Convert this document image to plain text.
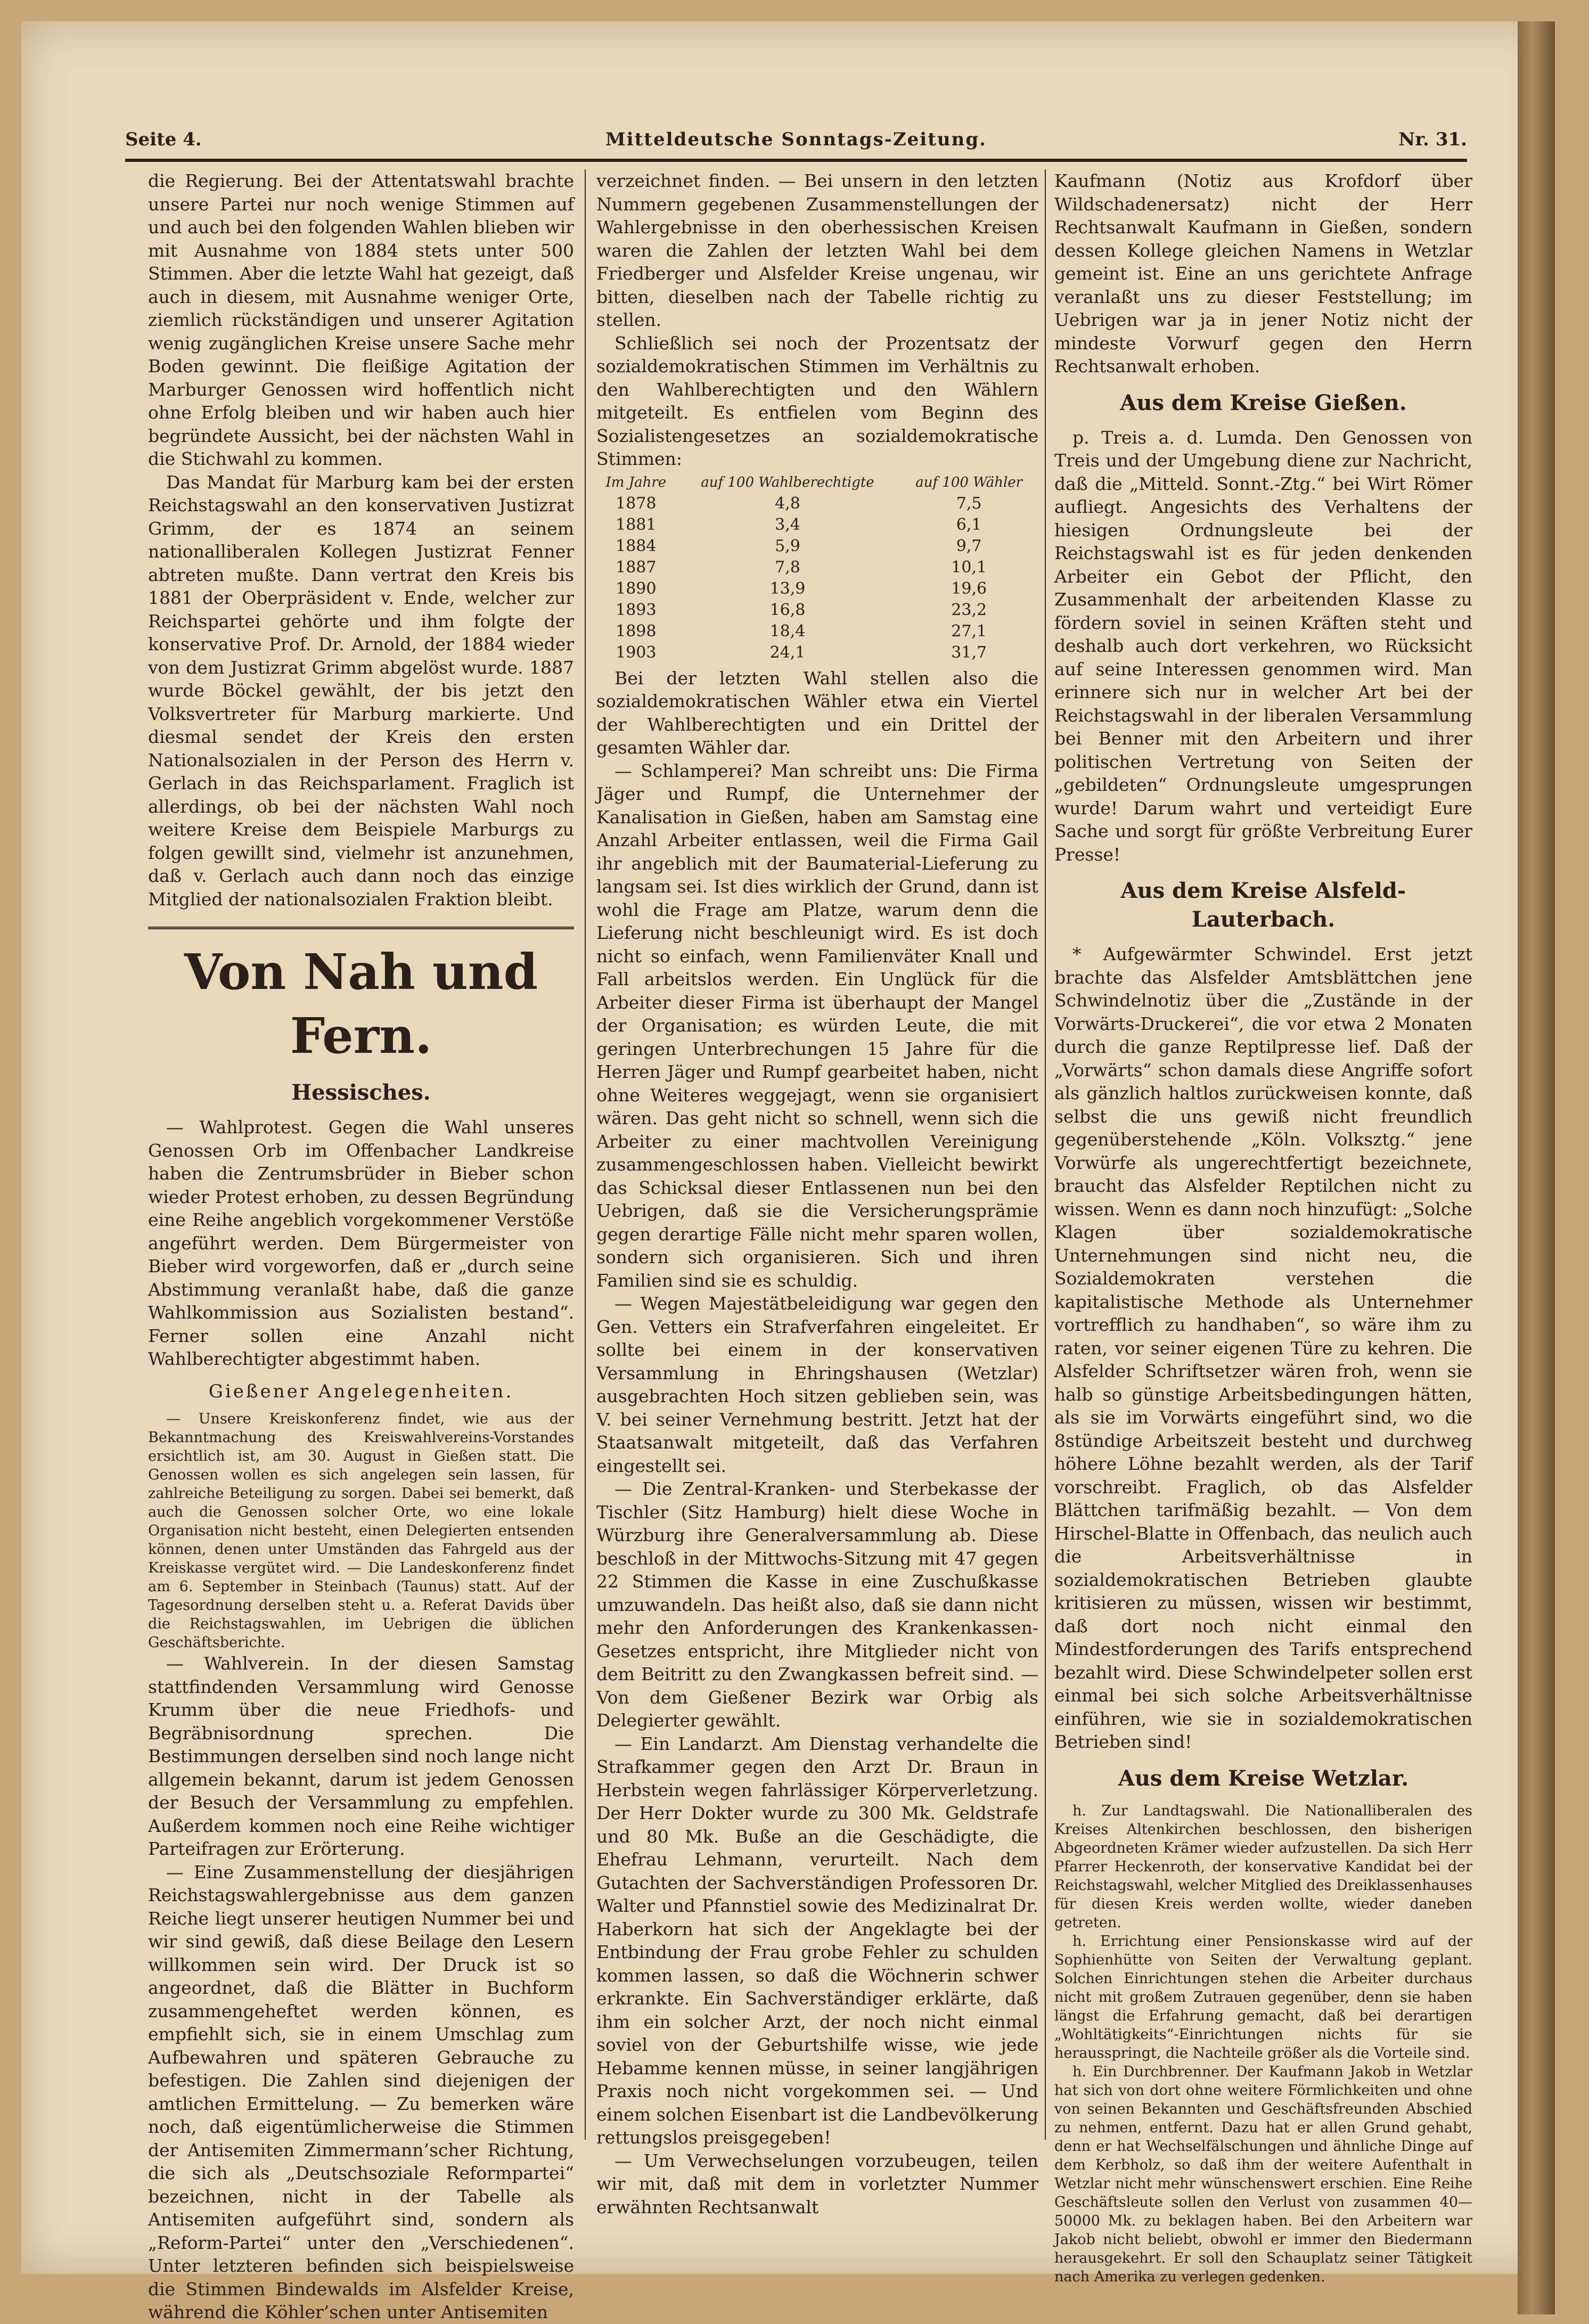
Seite 4.	Mitteldeutsche Sonntags-Zeitung.	Nr. 31.

die Regierung. Bei der Attentatswahl brachte unsere Partei nur noch wenige Stimmen auf und auch bei den folgenden Wahlen blieben wir mit Ausnahme von 1884 stets unter 500 Stimmen. Aber die letzte Wahl hat gezeigt, daß auch in diesem, mit Ausnahme weniger Orte, ziemlich rückständigen und unserer Agitation wenig zugänglichen Kreise unsere Sache mehr Boden gewinnt. Die fleißige Agitation der Marburger Genossen wird hoffentlich nicht ohne Erfolg bleiben und wir haben auch hier begründete Aussicht, bei der nächsten Wahl in die Stichwahl zu kommen.

Das Mandat für Marburg kam bei der ersten Reichstagswahl an den konservativen Justizrat Grimm, der es 1874 an seinem nationalliberalen Kollegen Justizrat Fenner abtreten mußte. Dann vertrat den Kreis bis 1881 der Oberpräsident v. Ende, welcher zur Reichspartei gehörte und ihm folgte der konservative Prof. Dr. Arnold, der 1884 wieder von dem Justizrat Grimm abgelöst wurde. 1887 wurde Böckel gewählt, der bis jetzt den Volksvertreter für Marburg markierte. Und diesmal sendet der Kreis den ersten Nationalsozialen in der Person des Herrn v. Gerlach in das Reichsparlament. Fraglich ist allerdings, ob bei der nächsten Wahl noch weitere Kreise dem Beispiele Marburgs zu folgen gewillt sind, vielmehr ist anzunehmen, daß v. Gerlach auch dann noch das einzige Mitglied der nationalsozialen Fraktion bleibt.

Von Nah und Fern.
Hessisches.

— Wahlprotest. Gegen die Wahl unseres Genossen Orb im Offenbacher Landkreise haben die Zentrumsbrüder in Bieber schon wieder Protest erhoben, zu dessen Begründung eine Reihe angeblich vorgekommener Verstöße angeführt werden. Dem Bürgermeister von Bieber wird vorgeworfen, daß er „durch seine Abstimmung veranlaßt habe, daß die ganze Wahlkommission aus Sozialisten bestand“. Ferner sollen eine Anzahl nicht Wahlberechtigter abgestimmt haben.

Gießener Angelegenheiten.

— Unsere Kreiskonferenz findet, wie aus der Bekanntmachung des Kreiswahlvereins-Vorstandes ersichtlich ist, am 30. August in Gießen statt. Die Genossen wollen es sich angelegen sein lassen, für zahlreiche Beteiligung zu sorgen. Dabei sei bemerkt, daß auch die Genossen solcher Orte, wo eine lokale Organisation nicht besteht, einen Delegierten entsenden können, denen unter Umständen das Fahrgeld aus der Kreiskasse vergütet wird. — Die Landeskonferenz findet am 6. September in Steinbach (Taunus) statt. Auf der Tagesordnung derselben steht u. a. Referat Davids über die Reichstagswahlen, im Uebrigen die üblichen Geschäftsberichte.

— Wahlverein. In der diesen Samstag stattfindenden Versammlung wird Genosse Krumm über die neue Friedhofs- und Begräbnisordnung sprechen. Die Bestimmungen derselben sind noch lange nicht allgemein bekannt, darum ist jedem Genossen der Besuch der Versammlung zu empfehlen. Außerdem kommen noch eine Reihe wichtiger Parteifragen zur Erörterung.

— Eine Zusammenstellung der diesjährigen Reichstagswahlergebnisse aus dem ganzen Reiche liegt unserer heutigen Nummer bei und wir sind gewiß, daß diese Beilage den Lesern willkommen sein wird. Der Druck ist so angeordnet, daß die Blätter in Buchform zusammengeheftet werden können, es empfiehlt sich, sie in einem Umschlag zum Aufbewahren und späteren Gebrauche zu befestigen. Die Zahlen sind diejenigen der amtlichen Ermittelung. — Zu bemerken wäre noch, daß eigentümlicherweise die Stimmen der Antisemiten Zimmermann’scher Richtung, die sich als „Deutschsoziale Reformpartei“ bezeichnen, nicht in der Tabelle als Antisemiten aufgeführt sind, sondern als „Reform-Partei“ unter den „Verschiedenen“. Unter letzteren befinden sich beispielsweise die Stimmen Bindewalds im Alsfelder Kreise, während die Köhler’schen unter Antisemiten

verzeichnet finden. — Bei unsern in den letzten Nummern gegebenen Zusammenstellungen der Wahlergebnisse in den oberhessischen Kreisen waren die Zahlen der letzten Wahl bei dem Friedberger und Alsfelder Kreise ungenau, wir bitten, dieselben nach der Tabelle richtig zu stellen.

Schließlich sei noch der Prozentsatz der sozialdemokratischen Stimmen im Verhältnis zu den Wahlberechtigten und den Wählern mitgeteilt. Es entfielen vom Beginn des Sozialistengesetzes an sozialdemokratische Stimmen:

Im Jahre	auf 100 Wahlberechtigte	auf 100 Wähler
1878	4,8	7,5
1881	3,4	6,1
1884	5,9	9,7
1887	7,8	10,1
1890	13,9	19,6
1893	16,8	23,2
1898	18,4	27,1
1903	24,1	31,7

Bei der letzten Wahl stellen also die sozialdemokratischen Wähler etwa ein Viertel der Wahlberechtigten und ein Drittel der gesamten Wähler dar.

— Schlamperei? Man schreibt uns: Die Firma Jäger und Rumpf, die Unternehmer der Kanalisation in Gießen, haben am Samstag eine Anzahl Arbeiter entlassen, weil die Firma Gail ihr angeblich mit der Baumaterial-Lieferung zu langsam sei. Ist dies wirklich der Grund, dann ist wohl die Frage am Platze, warum denn die Lieferung nicht beschleunigt wird. Es ist doch nicht so einfach, wenn Familienväter Knall und Fall arbeitslos werden. Ein Unglück für die Arbeiter dieser Firma ist überhaupt der Mangel der Organisation; es würden Leute, die mit geringen Unterbrechungen 15 Jahre für die Herren Jäger und Rumpf gearbeitet haben, nicht ohne Weiteres weggejagt, wenn sie organisiert wären. Das geht nicht so schnell, wenn sich die Arbeiter zu einer machtvollen Vereinigung zusammengeschlossen haben. Vielleicht bewirkt das Schicksal dieser Entlassenen nun bei den Uebrigen, daß sie die Versicherungsprämie gegen derartige Fälle nicht mehr sparen wollen, sondern sich organisieren. Sich und ihren Familien sind sie es schuldig.

— Wegen Majestätbeleidigung war gegen den Gen. Vetters ein Strafverfahren eingeleitet. Er sollte bei einem in der konservativen Versammlung in Ehringshausen (Wetzlar) ausgebrachten Hoch sitzen geblieben sein, was V. bei seiner Vernehmung bestritt. Jetzt hat der Staatsanwalt mitgeteilt, daß das Verfahren eingestellt sei.

— Die Zentral-Kranken- und Sterbekasse der Tischler (Sitz Hamburg) hielt diese Woche in Würzburg ihre Generalversammlung ab. Diese beschloß in der Mittwochs-Sitzung mit 47 gegen 22 Stimmen die Kasse in eine Zuschußkasse umzuwandeln. Das heißt also, daß sie dann nicht mehr den Anforderungen des Krankenkassen-Gesetzes entspricht, ihre Mitglieder nicht von dem Beitritt zu den Zwangkassen befreit sind. — Von dem Gießener Bezirk war Orbig als Delegierter gewählt.

— Ein Landarzt. Am Dienstag verhandelte die Strafkammer gegen den Arzt Dr. Braun in Herbstein wegen fahrlässiger Körperverletzung. Der Herr Dokter wurde zu 300 Mk. Geldstrafe und 80 Mk. Buße an die Geschädigte, die Ehefrau Lehmann, verurteilt. Nach dem Gutachten der Sachverständigen Professoren Dr. Walter und Pfannstiel sowie des Medizinalrat Dr. Haberkorn hat sich der Angeklagte bei der Entbindung der Frau grobe Fehler zu schulden kommen lassen, so daß die Wöchnerin schwer erkrankte. Ein Sachverständiger erklärte, daß ihm ein solcher Arzt, der noch nicht einmal soviel von der Geburtshilfe wisse, wie jede Hebamme kennen müsse, in seiner langjährigen Praxis noch nicht vorgekommen sei. — Und einem solchen Eisenbart ist die Landbevölkerung rettungslos preisgegeben!

— Um Verwechselungen vorzubeugen, teilen wir mit, daß mit dem in vorletzter Nummer erwähnten Rechtsanwalt

Kaufmann (Notiz aus Krofdorf über Wildschadenersatz) nicht der Herr Rechtsanwalt Kaufmann in Gießen, sondern dessen Kollege gleichen Namens in Wetzlar gemeint ist. Eine an uns gerichtete Anfrage veranlaßt uns zu dieser Feststellung; im Uebrigen war ja in jener Notiz nicht der mindeste Vorwurf gegen den Herrn Rechtsanwalt erhoben.

Aus dem Kreise Gießen.

p. Treis a. d. Lumda. Den Genossen von Treis und der Umgebung diene zur Nachricht, daß die „Mitteld. Sonnt.-Ztg.“ bei Wirt Römer aufliegt. Angesichts des Verhaltens der hiesigen Ordnungsleute bei der Reichstagswahl ist es für jeden denkenden Arbeiter ein Gebot der Pflicht, den Zusammenhalt der arbeitenden Klasse zu fördern soviel in seinen Kräften steht und deshalb auch dort verkehren, wo Rücksicht auf seine Interessen genommen wird. Man erinnere sich nur in welcher Art bei der Reichstagswahl in der liberalen Versammlung bei Benner mit den Arbeitern und ihrer politischen Vertretung von Seiten der „gebildeten“ Ordnungsleute umgesprungen wurde! Darum wahrt und verteidigt Eure Sache und sorgt für größte Verbreitung Eurer Presse!

Aus dem Kreise Alsfeld-Lauterbach.

* Aufgewärmter Schwindel. Erst jetzt brachte das Alsfelder Amtsblättchen jene Schwindelnotiz über die „Zustände in der Vorwärts-Druckerei“, die vor etwa 2 Monaten durch die ganze Reptilpresse lief. Daß der „Vorwärts“ schon damals diese Angriffe sofort als gänzlich haltlos zurückweisen konnte, daß selbst die uns gewiß nicht freundlich gegenüberstehende „Köln. Volksztg.“ jene Vorwürfe als ungerechtfertigt bezeichnete, braucht das Alsfelder Reptilchen nicht zu wissen. Wenn es dann noch hinzufügt: „Solche Klagen über sozialdemokratische Unternehmungen sind nicht neu, die Sozialdemokraten verstehen die kapitalistische Methode als Unternehmer vortrefflich zu handhaben“, so wäre ihm zu raten, vor seiner eigenen Türe zu kehren. Die Alsfelder Schriftsetzer wären froh, wenn sie halb so günstige Arbeitsbedingungen hätten, als sie im Vorwärts eingeführt sind, wo die 8stündige Arbeitszeit besteht und durchweg höhere Löhne bezahlt werden, als der Tarif vorschreibt. Fraglich, ob das Alsfelder Blättchen tarifmäßig bezahlt. — Von dem Hirschel-Blatte in Offenbach, das neulich auch die Arbeitsverhältnisse in sozialdemokratischen Betrieben glaubte kritisieren zu müssen, wissen wir bestimmt, daß dort noch nicht einmal den Mindestforderungen des Tarifs entsprechend bezahlt wird. Diese Schwindelpeter sollen erst einmal bei sich solche Arbeitsverhältnisse einführen, wie sie in sozialdemokratischen Betrieben sind!

Aus dem Kreise Wetzlar.

h. Zur Landtagswahl. Die Nationalliberalen des Kreises Altenkirchen beschlossen, den bisherigen Abgeordneten Krämer wieder aufzustellen. Da sich Herr Pfarrer Heckenroth, der konservative Kandidat bei der Reichstagswahl, welcher Mitglied des Dreiklassenhauses für diesen Kreis werden wollte, wieder daneben getreten.

h. Errichtung einer Pensionskasse wird auf der Sophienhütte von Seiten der Verwaltung geplant. Solchen Einrichtungen stehen die Arbeiter durchaus nicht mit großem Zutrauen gegenüber, denn sie haben längst die Erfahrung gemacht, daß bei derartigen „Wohltätigkeits“-Einrichtungen nichts für sie herausspringt, die Nachteile größer als die Vorteile sind.

h. Ein Durchbrenner. Der Kaufmann Jakob in Wetzlar hat sich von dort ohne weitere Förmlichkeiten und ohne von seinen Bekannten und Geschäftsfreunden Abschied zu nehmen, entfernt. Dazu hat er allen Grund gehabt, denn er hat Wechselfälschungen und ähnliche Dinge auf dem Kerbholz, so daß ihm der weitere Aufenthalt in Wetzlar nicht mehr wünschenswert erschien. Eine Reihe Geschäftsleute sollen den Verlust von zusammen 40—50000 Mk. zu beklagen haben. Bei den Arbeitern war Jakob nicht beliebt, obwohl er immer den Biedermann herausgekehrt. Er soll den Schauplatz seiner Tätigkeit nach Amerika zu verlegen gedenken.
